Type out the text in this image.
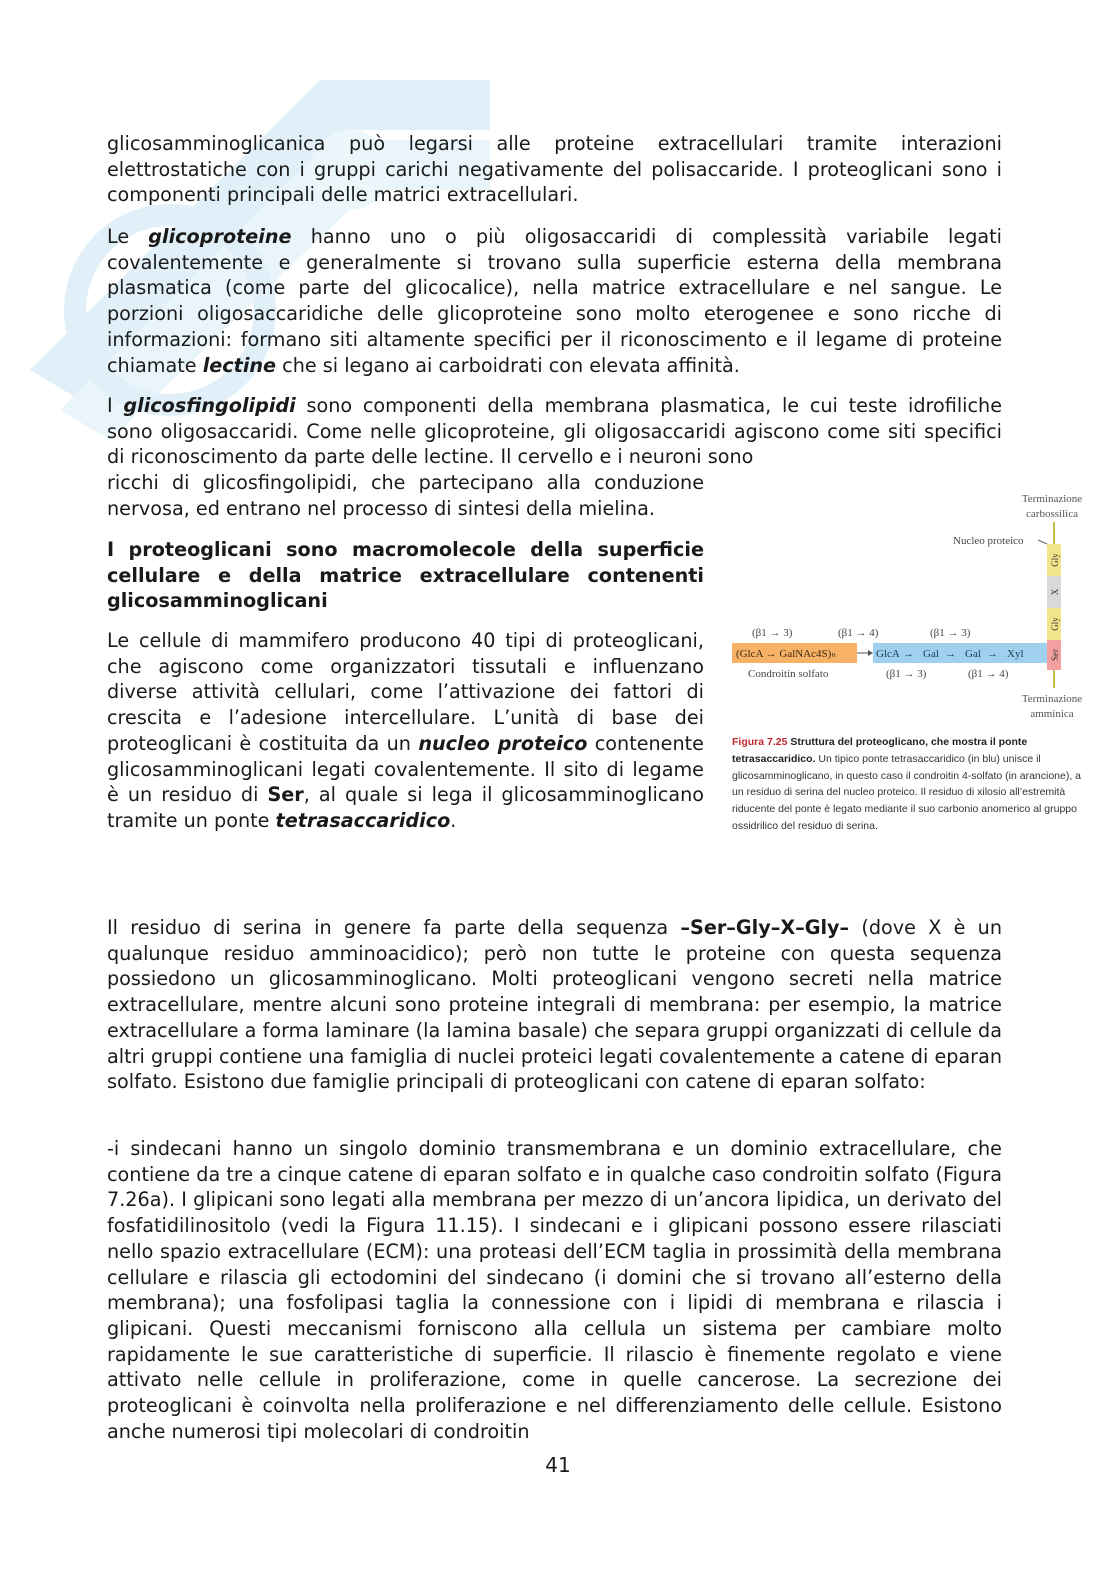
glicosamminoglicanica può legarsi alle proteine extracellulari tramite interazioni elettrostatiche con i gruppi carichi negativamente del polisaccaride. I proteoglicani sono i componenti principali delle matrici extracellulari.

Le glicoproteine hanno uno o più oligosaccaridi di complessità variabile legati covalentemente e generalmente si trovano sulla superficie esterna della membrana plasmatica (come parte del glicocalice), nella matrice extracellulare e nel sangue. Le porzioni oligosaccaridiche delle glicoproteine sono molto eterogenee e sono ricche di informazioni: formano siti altamente specifici per il riconoscimento e il legame di proteine chiamate lectine che si legano ai carboidrati con elevata affinità.

I glicosfingolipidi sono componenti della membrana plasmatica, le cui teste idrofiliche sono oligosaccaridi. Come nelle glicoproteine, gli oligosaccaridi agiscono come siti specifici di riconoscimento da parte delle lectine. Il cervello e i neuroni sono

ricchi di glicosfingolipidi, che partecipano alla conduzione nervosa, ed entrano nel processo di sintesi della mielina.

I proteoglicani sono macromolecole della superficie cellulare e della matrice extracellulare contenenti glicosamminoglicani

Le cellule di mammifero producono 40 tipi di proteoglicani, che agiscono come organizzatori tissutali e influenzano diverse attività cellulari, come l’attivazione dei fattori di crescita e l’adesione intercellulare. L’unità di base dei proteoglicani è costituita da un nucleo proteico contenente glicosamminoglicani legati covalentemente. Il sito di legame è un residuo di Ser, al quale si lega il glicosamminoglicano tramite un ponte tetrasaccaridico.

Terminazione
carbossilica
Nucleo proteico
Gly
X
Gly
Ser
(β1 → 3)	(β1 → 4)	(β1 → 3)
(GlcA → GalNAc4S)ₙ	GlcA → Gal → Gal → Xyl
Condroitin solfato	(β1 → 3)	(β1 → 4)
Terminazione
amminica

Figura 7.25 Struttura del proteoglicano, che mostra il ponte tetrasaccaridico. Un tipico ponte tetrasaccaridico (in blu) unisce il glicosamminoglicano, in questo caso il condroitin 4-solfato (in arancione), a un residuo di serina del nucleo proteico. Il residuo di xilosio all’estremità riducente del ponte è legato mediante il suo carbonio anomerico al gruppo ossidrilico del residuo di serina.

Il residuo di serina in genere fa parte della sequenza –Ser–Gly–X–Gly– (dove X è un qualunque residuo amminoacidico); però non tutte le proteine con questa sequenza possiedono un glicosamminoglicano. Molti proteoglicani vengono secreti nella matrice extracellulare, mentre alcuni sono proteine integrali di membrana: per esempio, la matrice extracellulare a forma laminare (la lamina basale) che separa gruppi organizzati di cellule da altri gruppi contiene una famiglia di nuclei proteici legati covalentemente a catene di eparan solfato. Esistono due famiglie principali di proteoglicani con catene di eparan solfato:

-i sindecani hanno un singolo dominio transmembrana e un dominio extracellulare, che contiene da tre a cinque catene di eparan solfato e in qualche caso condroitin solfato (Figura 7.26a). I glipicani sono legati alla membrana per mezzo di un’ancora lipidica, un derivato del fosfatidilinositolo (vedi la Figura 11.15). I sindecani e i glipicani possono essere rilasciati nello spazio extracellulare (ECM): una proteasi dell’ECM taglia in prossimità della membrana cellulare e rilascia gli ectodomini del sindecano (i domini che si trovano all’esterno della membrana); una fosfolipasi taglia la connessione con i lipidi di membrana e rilascia i glipicani. Questi meccanismi forniscono alla cellula un sistema per cambiare molto rapidamente le sue caratteristiche di superficie. Il rilascio è finemente regolato e viene attivato nelle cellule in proliferazione, come in quelle cancerose. La secrezione dei proteoglicani è coinvolta nella proliferazione e nel differenziamento delle cellule. Esistono anche numerosi tipi molecolari di condroitin

41
